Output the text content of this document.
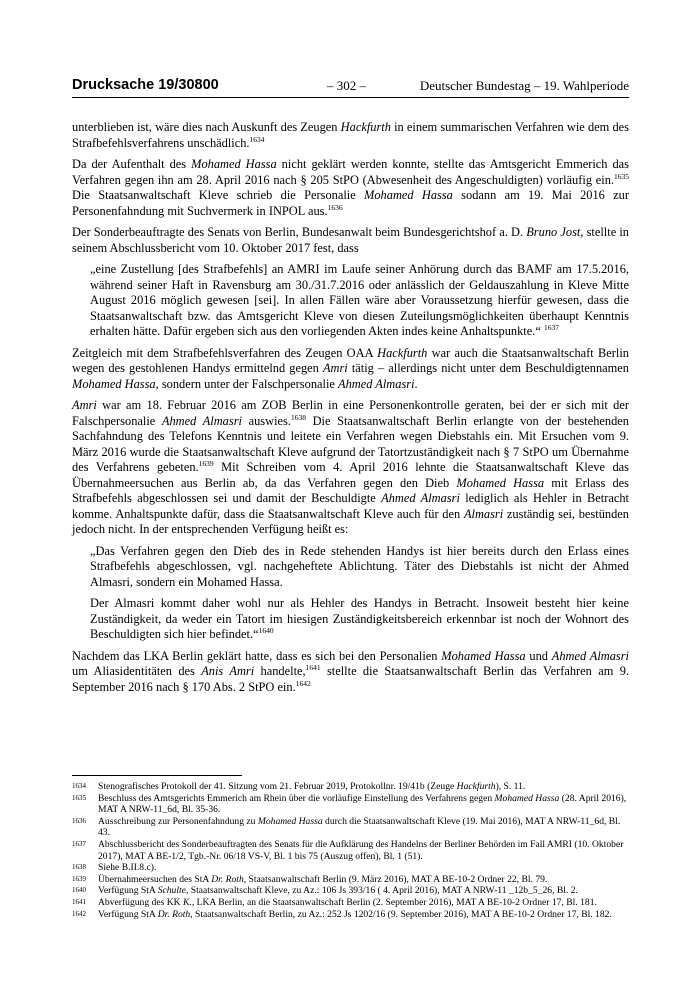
Drucksache 19/30800	– 302 –	Deutscher Bundestag – 19. Wahlperiode

unterblieben ist, wäre dies nach Auskunft des Zeugen Hackfurth in einem summarischen Verfahren wie dem des Strafbefehlsverfahrens unschädlich.$^{1634}$

Da der Aufenthalt des Mohamed Hassa nicht geklärt werden konnte, stellte das Amtsgericht Emmerich das Verfahren gegen ihn am 28. April 2016 nach § 205 StPO (Abwesenheit des Angeschuldigten) vorläufig ein.$^{1635}$ Die Staatsanwaltschaft Kleve schrieb die Personalie Mohamed Hassa sodann am 19. Mai 2016 zur Personenfahndung mit Suchvermerk in INPOL aus.$^{1636}$

Der Sonderbeauftragte des Senats von Berlin, Bundesanwalt beim Bundesgerichtshof a. D. Bruno Jost, stellte in seinem Abschlussbericht vom 10. Oktober 2017 fest, dass

„eine Zustellung [des Strafbefehls] an AMRI im Laufe seiner Anhörung durch das BAMF am 17.5.2016, während seiner Haft in Ravensburg am 30./31.7.2016 oder anlässlich der Geldauszahlung in Kleve Mitte August 2016 möglich gewesen [sei]. In allen Fällen wäre aber Voraussetzung hierfür gewesen, dass die Staatsanwaltschaft bzw. das Amtsgericht Kleve von diesen Zuteilungsmöglichkeiten überhaupt Kenntnis erhalten hätte. Dafür ergeben sich aus den vorliegenden Akten indes keine Anhaltspunkte.“ $^{1637}$

Zeitgleich mit dem Strafbefehlsverfahren des Zeugen OAA Hackfurth war auch die Staatsanwaltschaft Berlin wegen des gestohlenen Handys ermittelnd gegen Amri tätig – allerdings nicht unter dem Beschuldigtennamen Mohamed Hassa, sondern unter der Falschpersonalie Ahmed Almasri.

Amri war am 18. Februar 2016 am ZOB Berlin in eine Personenkontrolle geraten, bei der er sich mit der Falschpersonalie Ahmed Almasri auswies.$^{1638}$ Die Staatsanwaltschaft Berlin erlangte von der bestehenden Sachfahndung des Telefons Kenntnis und leitete ein Verfahren wegen Diebstahls ein. Mit Ersuchen vom 9. März 2016 wurde die Staatsanwaltschaft Kleve aufgrund der Tatortzuständigkeit nach § 7 StPO um Übernahme des Verfahrens gebeten.$^{1639}$ Mit Schreiben vom 4. April 2016 lehnte die Staatsanwaltschaft Kleve das Übernahmeersuchen aus Berlin ab, da das Verfahren gegen den Dieb Mohamed Hassa mit Erlass des Strafbefehls abgeschlossen sei und damit der Beschuldigte Ahmed Almasri lediglich als Hehler in Betracht komme. Anhaltspunkte dafür, dass die Staatsanwaltschaft Kleve auch für den Almasri zuständig sei, bestünden jedoch nicht. In der entsprechenden Verfügung heißt es:

„Das Verfahren gegen den Dieb des in Rede stehenden Handys ist hier bereits durch den Erlass eines Strafbefehls abgeschlossen, vgl. nachgeheftete Ablichtung. Täter des Diebstahls ist nicht der Ahmed Almasri, sondern ein Mohamed Hassa.

Der Almasri kommt daher wohl nur als Hehler des Handys in Betracht. Insoweit besteht hier keine Zuständigkeit, da weder ein Tatort im hiesigen Zuständigkeitsbereich erkennbar ist noch der Wohnort des Beschuldigten sich hier befindet.“$^{1640}$

Nachdem das LKA Berlin geklärt hatte, dass es sich bei den Personalien Mohamed Hassa und Ahmed Almasri um Aliasidentitäten des Anis Amri handelte,$^{1641}$ stellte die Staatsanwaltschaft Berlin das Verfahren am 9. September 2016 nach § 170 Abs. 2 StPO ein.$^{1642}$

1634	Stenografisches Protokoll der 41. Sitzung vom 21. Februar 2019, Protokollnr. 19/41b (Zeuge Hackfurth), S. 11.
1635	Beschluss des Amtsgerichts Emmerich am Rhein über die vorläufige Einstellung des Verfahrens gegen Mohamed Hassa (28. April 2016), MAT A NRW-11_6d, Bl. 35-36.
1636	Ausschreibung zur Personenfahndung zu Mohamed Hassa durch die Staatsanwaltschaft Kleve (19. Mai 2016), MAT A NRW-11_6d, Bl. 43.
1637	Abschlussbericht des Sonderbeauftragten des Senats für die Aufklärung des Handelns der Berliner Behörden im Fall AMRI (10. Oktober 2017), MAT A BE-1/2, Tgb.-Nr. 06/18 VS-V, Bl. 1 bis 75 (Auszug offen), Bl. 1 (51).
1638	Siehe B.II.8.c).
1639	Übernahmeersuchen des StA Dr. Roth, Staatsanwaltschaft Berlin (9. März 2016), MAT A BE-10-2 Ordner 22, Bl. 79.
1640	Verfügung StA Schulte, Staatsanwaltschaft Kleve, zu Az.: 106 Js 393/16 ( 4. April 2016), MAT A NRW-11 _12b_5_26, Bl. 2.
1641	Abverfügung des KK K., LKA Berlin, an die Staatsanwaltschaft Berlin (2. September 2016), MAT A BE-10-2 Ordner 17, Bl. 181.
1642	Verfügung StA Dr. Roth, Staatsanwaltschaft Berlin, zu Az.: 252 Js 1202/16 (9. September 2016), MAT A BE-10-2 Ordner 17, Bl. 182.
